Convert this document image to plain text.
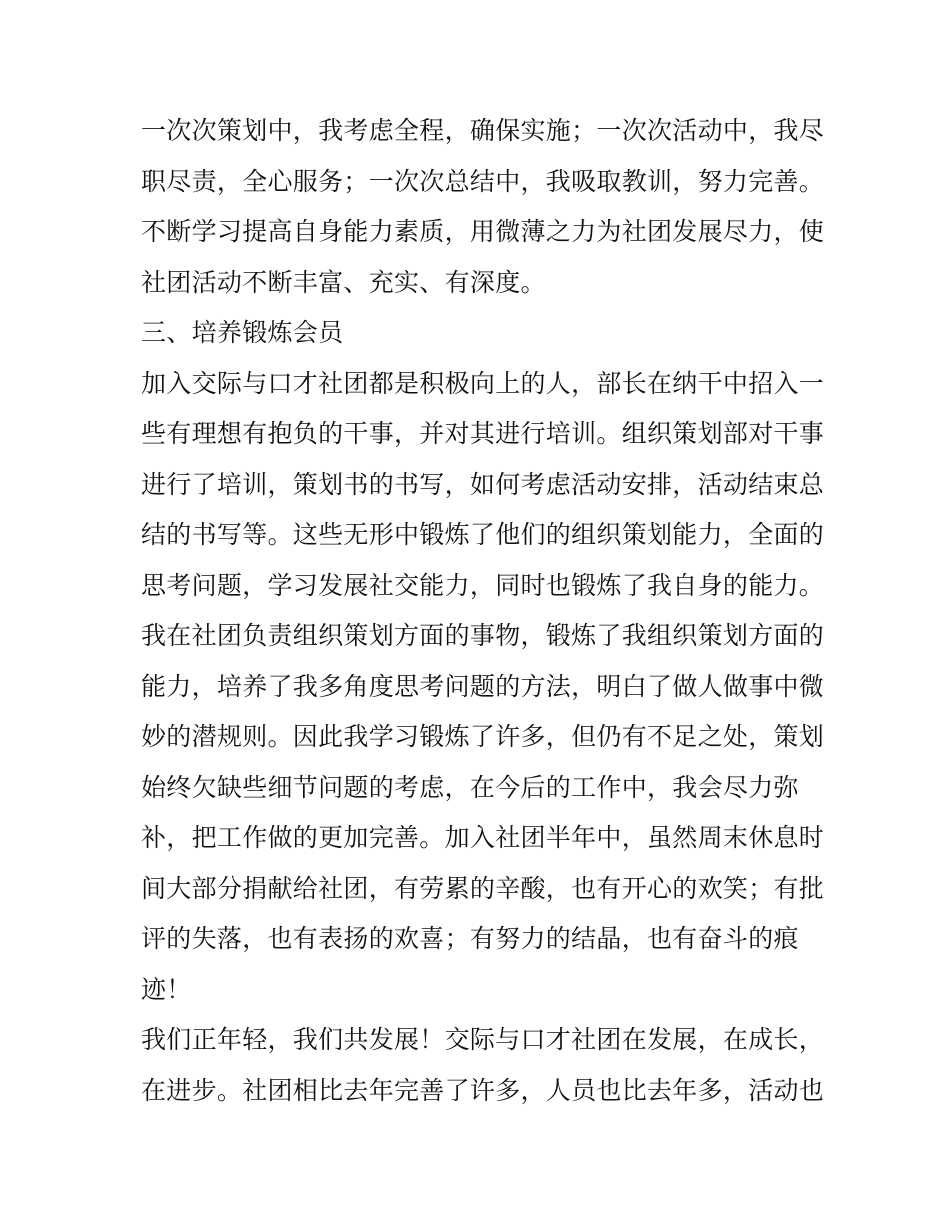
一次次策划中，我考虑全程，确保实施；一次次活动中，我尽
职尽责，全心服务；一次次总结中，我吸取教训，努力完善。
不断学习提高自身能力素质，用微薄之力为社团发展尽力，使
社团活动不断丰富、充实、有深度。
三、培养锻炼会员
加入交际与口才社团都是积极向上的人，部长在纳干中招入一
些有理想有抱负的干事，并对其进行培训。组织策划部对干事
进行了培训，策划书的书写，如何考虑活动安排，活动结束总
结的书写等。这些无形中锻炼了他们的组织策划能力，全面的
思考问题，学习发展社交能力，同时也锻炼了我自身的能力。
我在社团负责组织策划方面的事物，锻炼了我组织策划方面的
能力，培养了我多角度思考问题的方法，明白了做人做事中微
妙的潜规则。因此我学习锻炼了许多，但仍有不足之处，策划
始终欠缺些细节问题的考虑，在今后的工作中，我会尽力弥
补，把工作做的更加完善。加入社团半年中，虽然周末休息时
间大部分捐献给社团，有劳累的辛酸，也有开心的欢笑；有批
评的失落，也有表扬的欢喜；有努力的结晶，也有奋斗的痕
迹！
我们正年轻，我们共发展！交际与口才社团在发展，在成长，
在进步。社团相比去年完善了许多，人员也比去年多，活动也
